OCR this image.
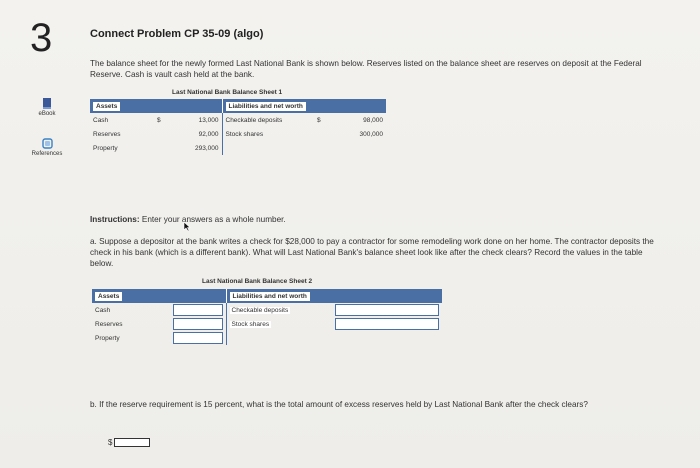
3	Connect Problem CP 35-09 (algo)
eBook
References
The balance sheet for the newly formed Last National Bank is shown below. Reserves listed on the balance sheet are reserves on deposit at the Federal Reserve. Cash is vault cash held at the bank.
Last National Bank Balance Sheet 1
Assets			Liabilities and net worth		
Cash	$	13,000	Checkable deposits	$	98,000
Reserves		92,000	Stock shares		300,000
Property		293,000			
Instructions: Enter your answers as a whole number.
a. Suppose a depositor at the bank writes a check for $28,000 to pay a contractor for some remodeling work done on her home. The contractor deposits the check in his bank (which is a different bank). What will Last National Bank's balance sheet look like after the check clears? Record the values in the table below.
Last National Bank Balance Sheet 2
Assets		Liabilities and net worth	
Cash		Checkable deposits	

Reserves		Stock shares	

Property	

b. If the reserve requirement is 15 percent, what is the total amount of excess reserves held by Last National Bank after the check clears?
$
